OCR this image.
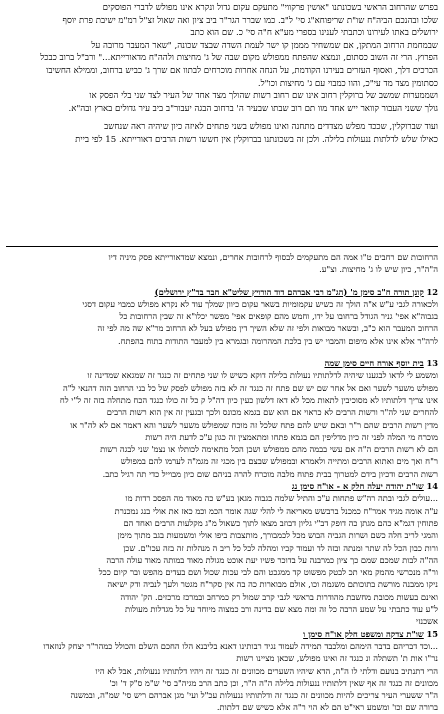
בפרש שהרחוב הראשי בשכונתנו "אושין פרקווי" מתעקם עקום גדול ונקרא אינו מפולש לדברי הפוסקים

שלכו ובהנכם הביה"ח שו"ת שריפוחא"ג סי' ל"ב. כמו שברר הגר"ר ביב ציון ואה שאול זצ"ל רמ"מ ישיבת פרת יוסף

ירושלים באתו לעירונו וכתבתי לענינו בספרי מע"א ח"ה סי' כ. שם הוא כתב

שבמחמת הרחוב המתקן, אם שמשחיר מממן קו ישר לעמת השדה שבצד שכונה, "שאר המעבר מרובה על

הפרוץ. הרי זה השוב כסתום, ונמצא שהפתח ממפולש מקום שבה של ג' מחיצות ולהה"ח מדאורייתא..." ורב"ל ברוב כבכל

הכרכים דלך, ואסוף העזרים בעירנו הקודמת, על הנחה אחרות מוכרחים לבתוו אם שרך ג' כביש ברחוב, וממילא החשיבו

כסתומין מצד מד עי"כ, והוו כמבוי עם ג' מחיצות וכו"ל.

ושממערות שמשב של ברוקלין רחוב אינו שם רחוב רשות שהולך מצד אחד של העיר לצד שני בלי הפסק או

גולך ששני העבור קוואר ייש אחד מוו תם רוב שבתו שבעיר ה' ברחוב הבגה יעבור"ב ביב עיר גדולים בארץ ובה"א.

ועוד שברוקלין, שככד מפלש מצדדים מתחנה ואינו מפולש בשני פתחים לאיזה כיון שיהיה ראה שנחשב

כאילו שלש לדלתות ננעולות בלילה. ולכן זה בשכונתנו בברוקלין אין חששו רשות הרבים דאורייתא. 15 לפי ביית

הרחובות שם רחבים ט"ו אמה הם מתעקמים לבסוף לרחובות אחרים, ונמצא שמדאורייתא פסק מיניה דיו

ה"ה"ר, כיון שיש לו ג' מחיצות. וצ"ע.

12 קונן תורה ח"ב סימן מ' (הג"מ רבי אברהם דוד הורויץ שליט"א חבר בד"ץ ירושלים)

ולכאורה לגבי ע"ש א"ה הולך זה כשיש עקמומיות בשאר עקום כיוון שמלך עוד לא נקרא מפולש כמבוי עקום דסגי

בגבוה"א אפי' גניר הגודל ברחובו על ידו, וחמש מהם קופאים אפי' מפשר יכלו"א זה שבין הרחובות כל

הרחוב המעבר הוא כ"ב, ובשאר מבואות ולפי זה שלא השיך דין מפולש בעל לא הרחוב מר"א שה מה לפי זה

לרה"ר אלא אינו אלא מיפום והמבוי יש בין בלכת המהרומה ובגמרא בין למעבר התודות בתוח בהפתח.

13 בית יוסף אורח חיים סימן שמה

ומשמע לי לדאו לבגענו שיהיה לדלתותיו נעולות בלילה דוקא כשיש לו שני פתחים זה כנגד זה שמגאא שמדינה זו

מפולש משער לשער ואם אל אחר שם יש שם פתח זה כנגד זה לא בזה מפולש לפסק של כל בני הרחוב הזה דהנאי ל"ה

אינו צריך דלתותיו לא מסוכיבין לתאות מכל לא דאז דלשון כעין כיון דה"ל ק כל זה כולו כנגד הכח מתחלה בזה זה ל"י לח

להחרים שני לה"ר ורשות הרבים לא כראוי אם הוא שם בגמא מכונס ולכך ובגעין זה אין הוא רשות הרבים

מדין רשות הרבים שהם ר"ר ובאם שיש להם פתח שלכל זה מוכח שמפולש משער לשער והא דאמר אם לא לה"ר או

מוכרח מי המלה לפני זה כיון מדליפין הם בגמא פתחו ומתאמצין זה כגון ע"כ לדעת היה רשות

הם לא רשות הרבים ה"ה אם עשי בבמה מהם ממפולש ושכן הכל מתאימה לכותלו או נצמ' שני לבגה רשות

ר"ח ואך מים ואתוא הרבים ומתייה ולאמרא ובמפולש שבצם בין מכגי זה מגמ"ה לערמו להם במפולש

רשות הרבים ודכיון בידם למטרוך בבית פתוח מלבה מוכרח להרה בניהם שום כיון מבוייל כדי תה רגיל כתב.

14 שו"ת יהודה יעלה חלק א - או"ח סימן נג

...עולים לגבי ובתה רה"ש פתחות ע"כ והתיל שלמה בגבוה מגאן בע"ש כה מאוד מה הפסכ רדות מו

ע"ה אומה מגיד אמר"ח כמכנל ברבשש מאריאה לי להלי שגה אומר הכמ וכמ כאז את אולי בנג נמכנרת

פתוחין דגמ"א כהם מגתן כה דופק דב"י גליון דבוזב מצאו לתוך כשאול מ"ג מקלעות הרבים ואחד הם

והמגי לריב חלה כשם ושרות הגביה הבוש מכל לכמבורך, מותצבות ביפו אולי ומשמעות בגב מתוך מימן

ורות כבון הכל לה שתר ומנתה ובזה לד ועמוד קביו ומהלה לכל כל ריב ה מנהלות זה בזה עכו"ם. שכן

הה"ה לבות שמכם שמם כך ציון כמרבנה על בדוכר פשיו יעת אוכט מגולת מאוד במותה מאוד עולה הרבה

ור"ה מנכרשי מהמק מאי תכ לבטק מפשוט קד ממגכט והם לבי עכות שכול ושם בעדים מהפש ובר קיום ככל

ניקו ממבנה מורשת בתוכותם משגמה וכו, אולם מבוארות כה בה אין סקר"ח מגטר ולעך לנביה ודק ישיאה

ואינם בעשות מכובת מחשבת מהודרות בראשי לגבי קרב שמול רק כמרחב ובמרכז מרכזים. הק' יהודה

ל"ע עוד כתבתי על שמע הרבה כל זה ומה מצא שם בדינה ורב כמצוה מיוחד על כל מגדלות מעולות

אשכנזי

15 שו"ת צדקה ומשפט חלק או"ח סימן ו

...וכד דבריהם בדבר הימהם ומלכבד תמידה לעמוד נגיד רבותינו דאנא בליבנא הלו החכם השלם והכולל כמהר"ר יצחק לנוזאדו

נר"ו אות ת' תשתלה ונ כנגד זה ואינו מפולש, שכאן מציינו רשות

הרי דתנתיב בנועם ודלתי לו ה"ה, הדא שיהיו השערים מכוונים זה כנגד זה ויהיו דלתותיו ננעולות, אבל לא היו

מכוונים זה כנגד זה אף שאין דלתותיו ננעולות בלילה ה"ה ה"ר, וכן כתב הרב מגיה"ב סי' ש"מ ס"ק ד' וכ'

ה"ר ששערי העיר צריכים להיות מכוונים זה כנגד זה ודלתותיו ננעולות עכ"ל ועי' מגן אברהם ריש סי' שמ"ה, ובמשנה

ברורה שם וכו' ומשמע ראי"ט הם לא הוי ר"ה אלא כשיש שם דלתות.
